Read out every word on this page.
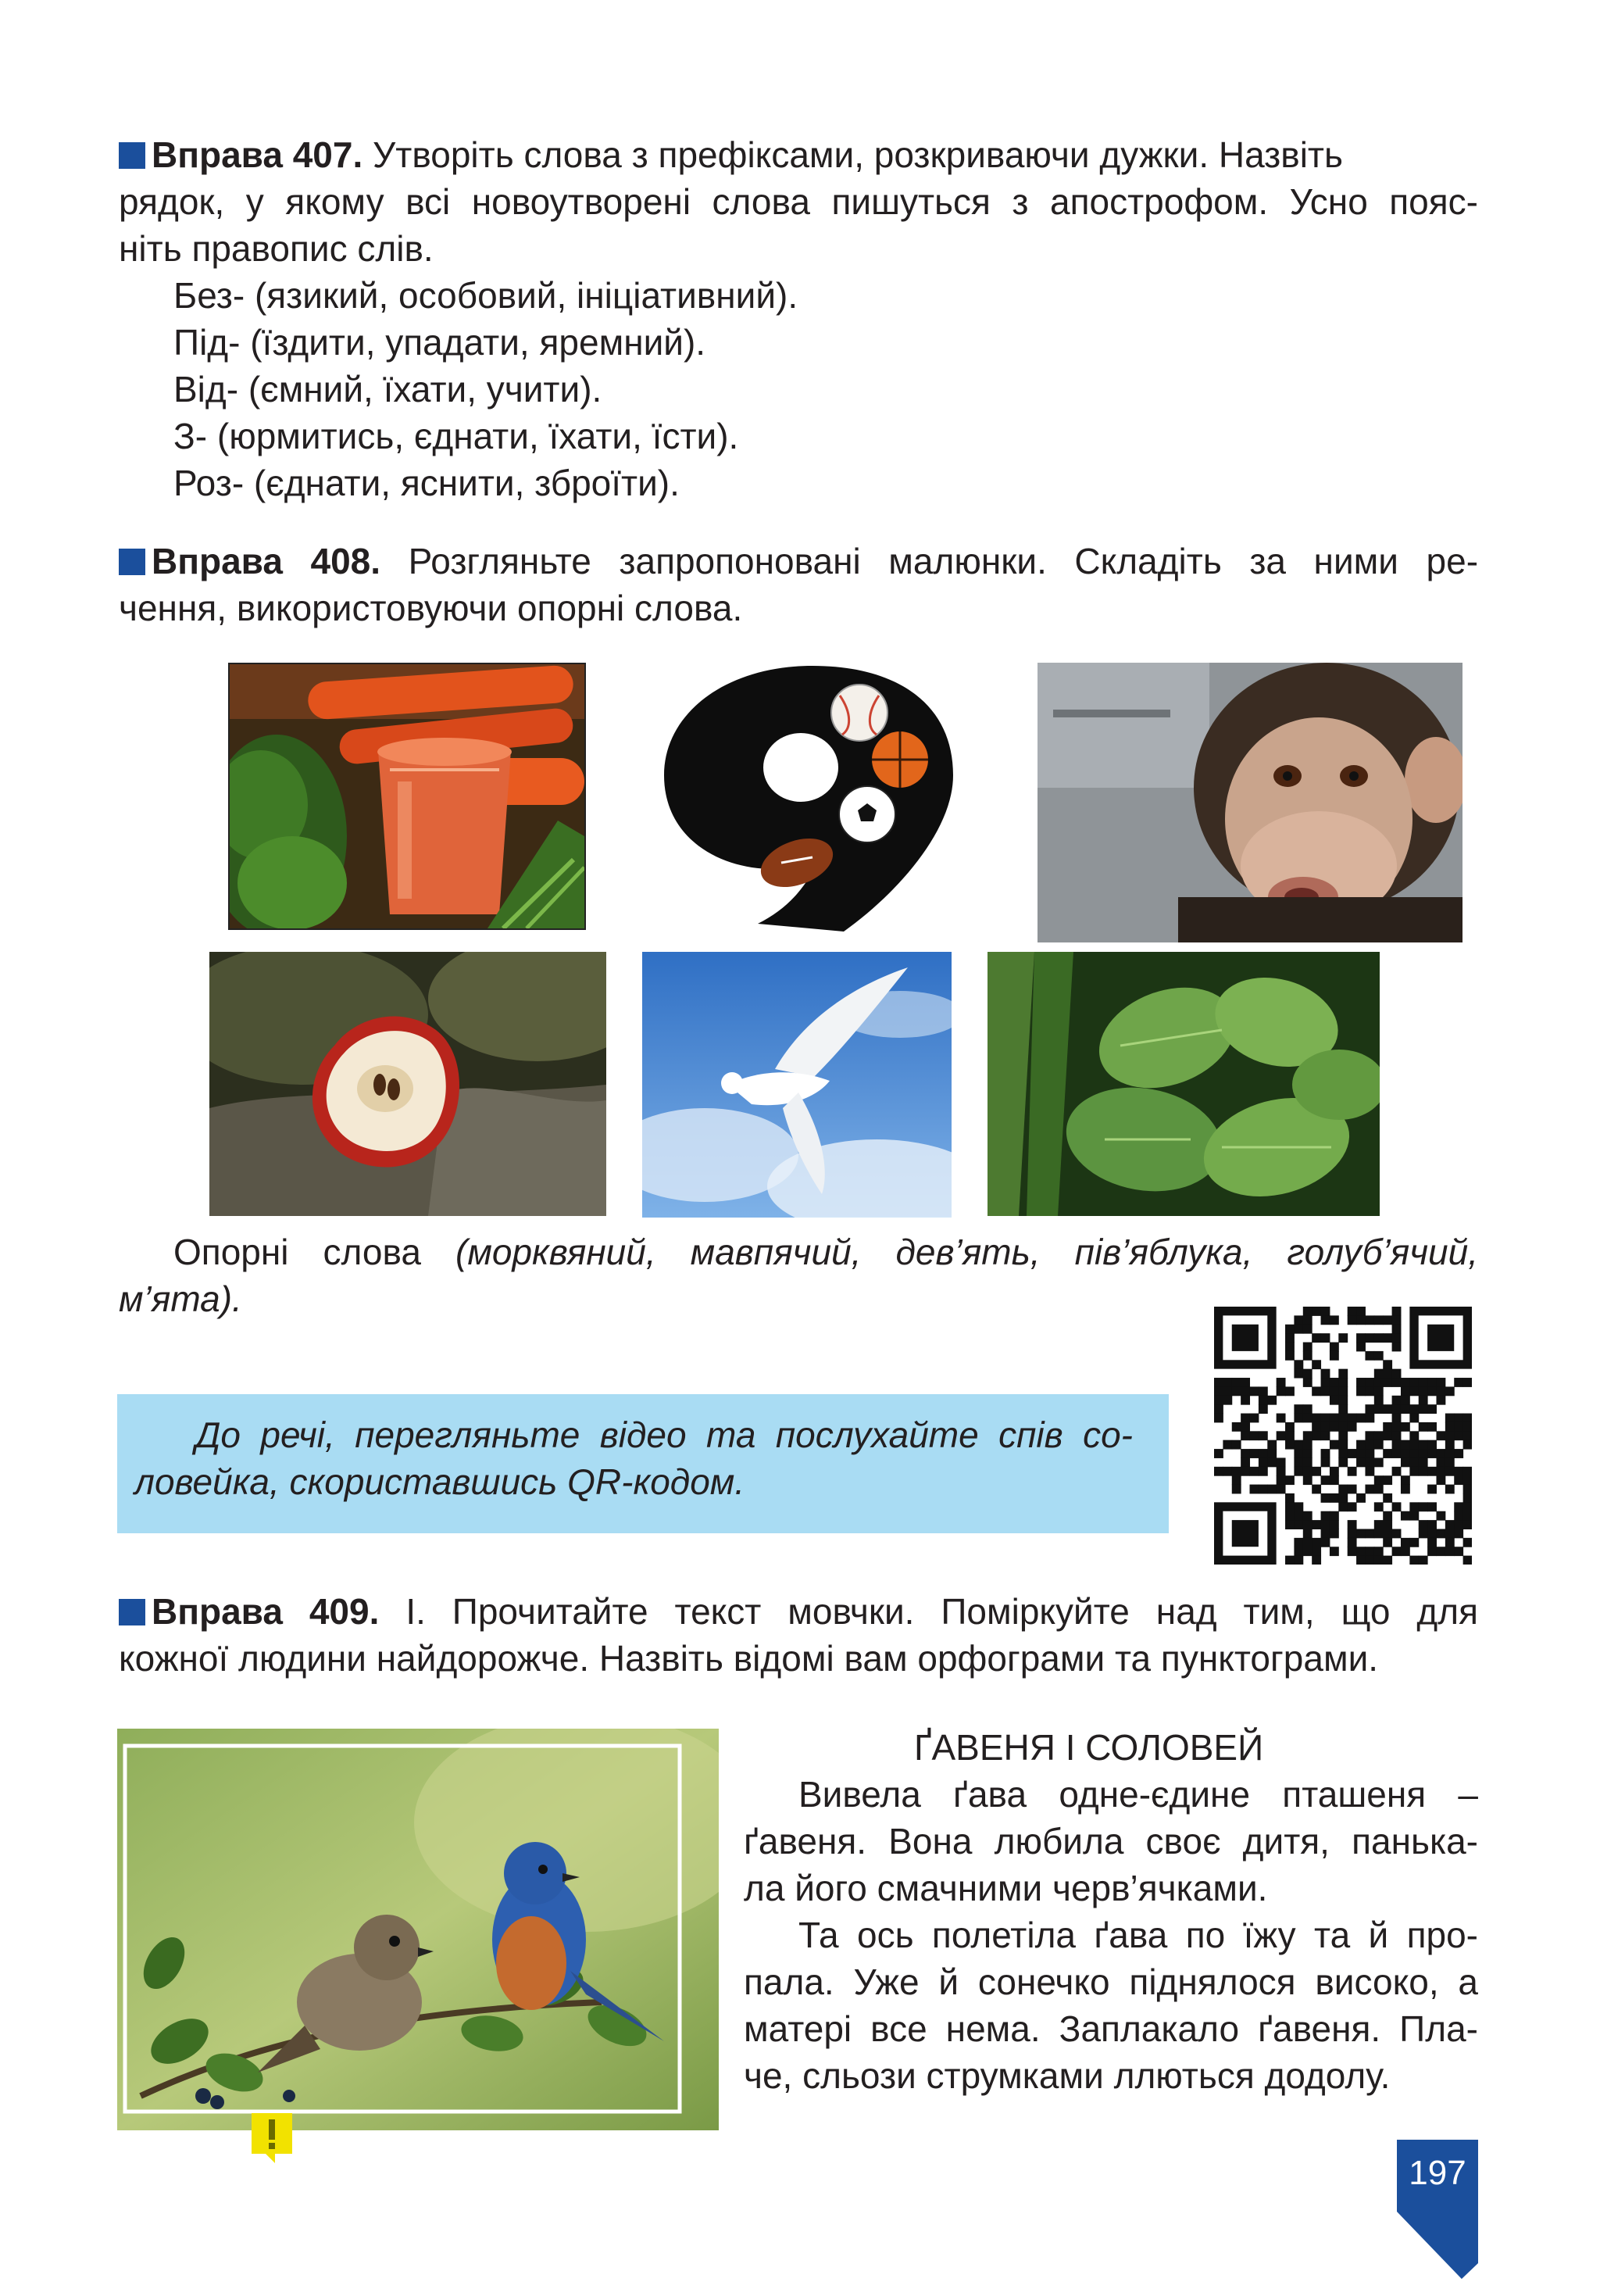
Вправа 407. Утворіть слова з префіксами, розкриваючи дужки. Назвіть

рядок, у якому всі новоутворені слова пишуться з апострофом. Усно пояс-

ніть правопис слів.

Без- (язикий, особовий, ініціативний).

Під- (їздити, упадати, яремний).

Від- (ємний, їхати, учити).

З- (юрмитись, єднати, їхати, їсти).

Роз- (єднати, яснити, зброїти).

Вправа 408. Розгляньте запропоновані малюнки. Складіть за ними ре-

чення, використовуючи опорні слова.

Опорні слова (морквяний, мавпячий, дев’ять, пів’яблука, голуб’ячий,

м’ята).

До речі, перегляньте відео та послухайте спів со-

ловейка, скориставшись QR-кодом.

Вправа 409. І. Прочитайте текст мовчки. Поміркуйте над тим, що для

кожної людини найдорожче. Назвіть відомі вам орфограми та пунктограми.

ҐАВЕНЯ І СОЛОВЕЙ

Вивела ґава одне-єдине пташеня –

ґавеня. Вона любила своє дитя, панька-

ла його смачними черв’ячками.

Та ось полетіла ґава по їжу та й про-

пала. Уже й сонечко піднялося високо, а

матері все нема. Заплакало ґавеня. Пла-

че, сльози струмками ллються додолу.

197
